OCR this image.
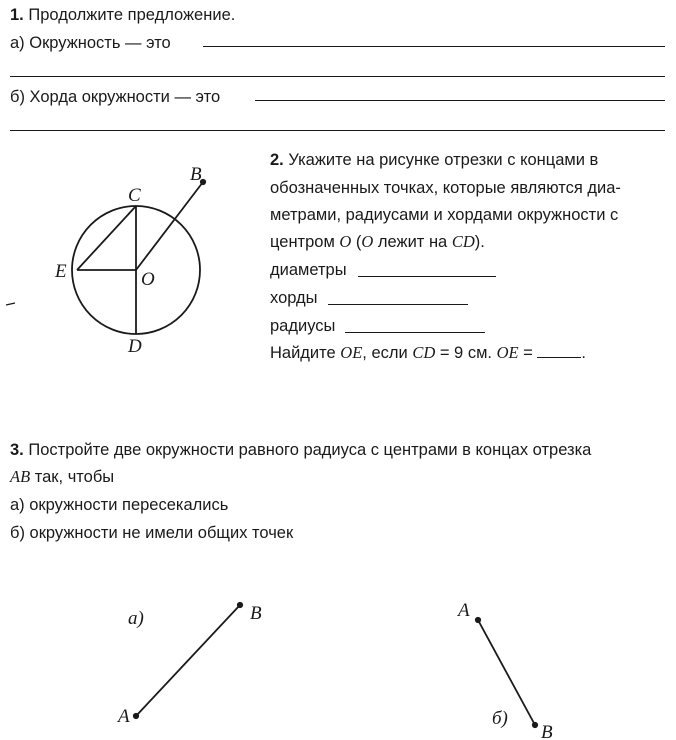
1. Продолжите предложение.
а) Окружность — это
б) Хорда окружности — это
B
C
E	O
D
а)
A
B
б)
A
B
2. Укажите на рисунке отрезки с концами в
обозначенных точках, которые являются диа-
метрами, радиусами и хордами окружности с
центром O (O лежит на CD).
диаметры
хорды
радиусы
Найдите OE, если CD = 9 см. OE =	.
3. Постройте две окружности равного радиуса с центрами в концах отрезка
AB так, чтобы
а) окружности пересекались
б) окружности не имели общих точек
